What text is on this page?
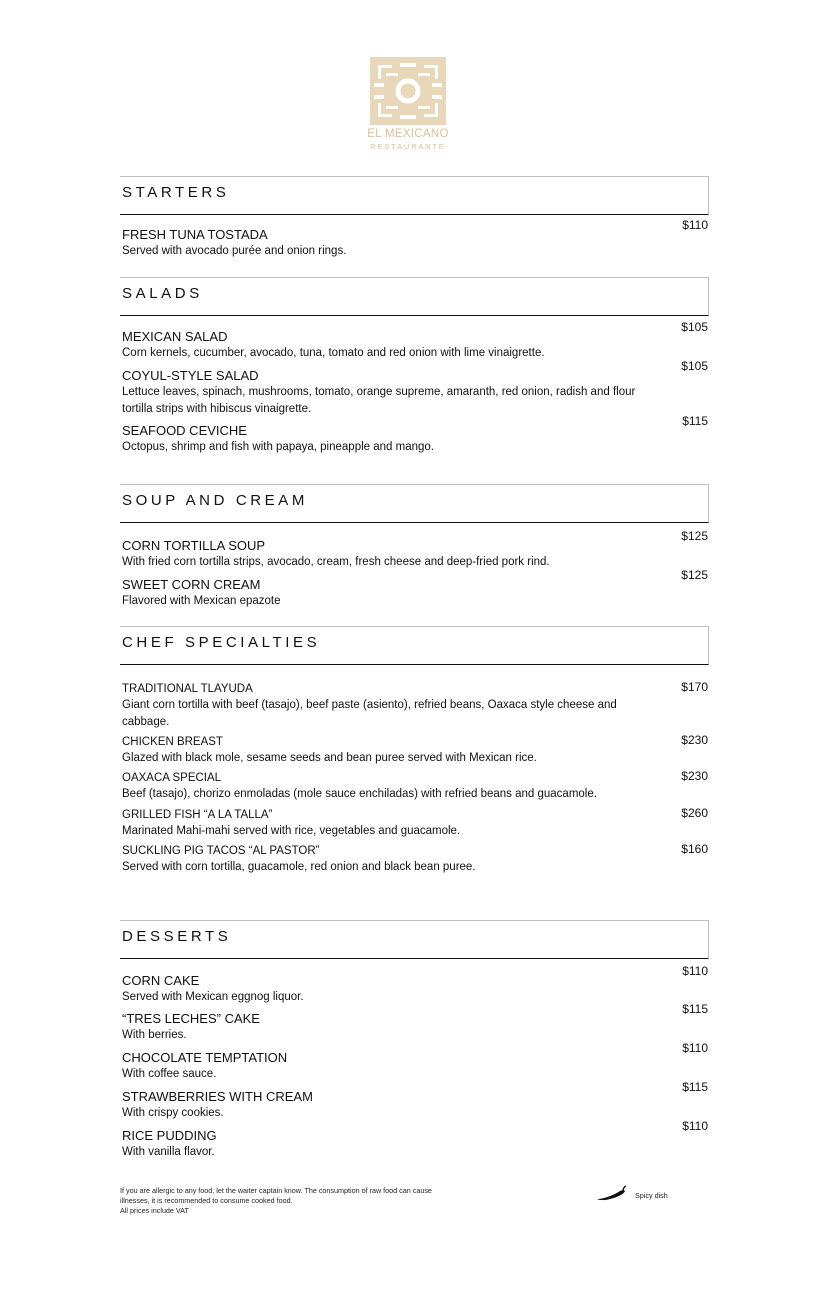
EL MEXICANO
RESTAURANTE
STARTERS
FRESH TUNA TOSTADA
Served with avocado purée and onion rings.
$110
SALADS
MEXICAN SALAD
Corn kernels, cucumber, avocado, tuna, tomato and red onion with lime vinaigrette.
$105
COYUL-STYLE SALAD
Lettuce leaves, spinach, mushrooms, tomato, orange supreme, amaranth, red onion, radish and flour tortilla strips with hibiscus vinaigrette.
$105
SEAFOOD CEVICHE
Octopus, shrimp and fish with papaya, pineapple and mango.
$115
SOUP AND CREAM
CORN TORTILLA SOUP
With fried corn tortilla strips, avocado, cream, fresh cheese and deep-fried pork rind.
$125
SWEET CORN CREAM
Flavored with Mexican epazote
$125
CHEF SPECIALTIES
TRADITIONAL TLAYUDA
Giant corn tortilla with beef (tasajo), beef paste (asiento), refried beans, Oaxaca style cheese and cabbage.
$170
CHICKEN BREAST
Glazed with black mole, sesame seeds and bean puree served with Mexican rice.
$230
OAXACA SPECIAL
Beef (tasajo), chorizo enmoladas (mole sauce enchiladas) with refried beans and guacamole.
$230
GRILLED FISH “A LA TALLA”
Marinated Mahi-mahi served with rice, vegetables and guacamole.
$260
SUCKLING PIG TACOS “AL PASTOR”
Served with corn tortilla, guacamole, red onion and black bean puree.
$160
DESSERTS
CORN CAKE
Served with Mexican eggnog liquor.
$110
“TRES LECHES” CAKE
With berries.
$115
CHOCOLATE TEMPTATION
With coffee sauce.
$110
STRAWBERRIES WITH CREAM
With crispy cookies.
$115
RICE PUDDING
With vanilla flavor.
$110
If you are allergic to any food, let the waiter captain know. The consumption of raw food can cause
illnesses, it is recommended to consume cooked food.
All prices include VAT
Spicy dish
